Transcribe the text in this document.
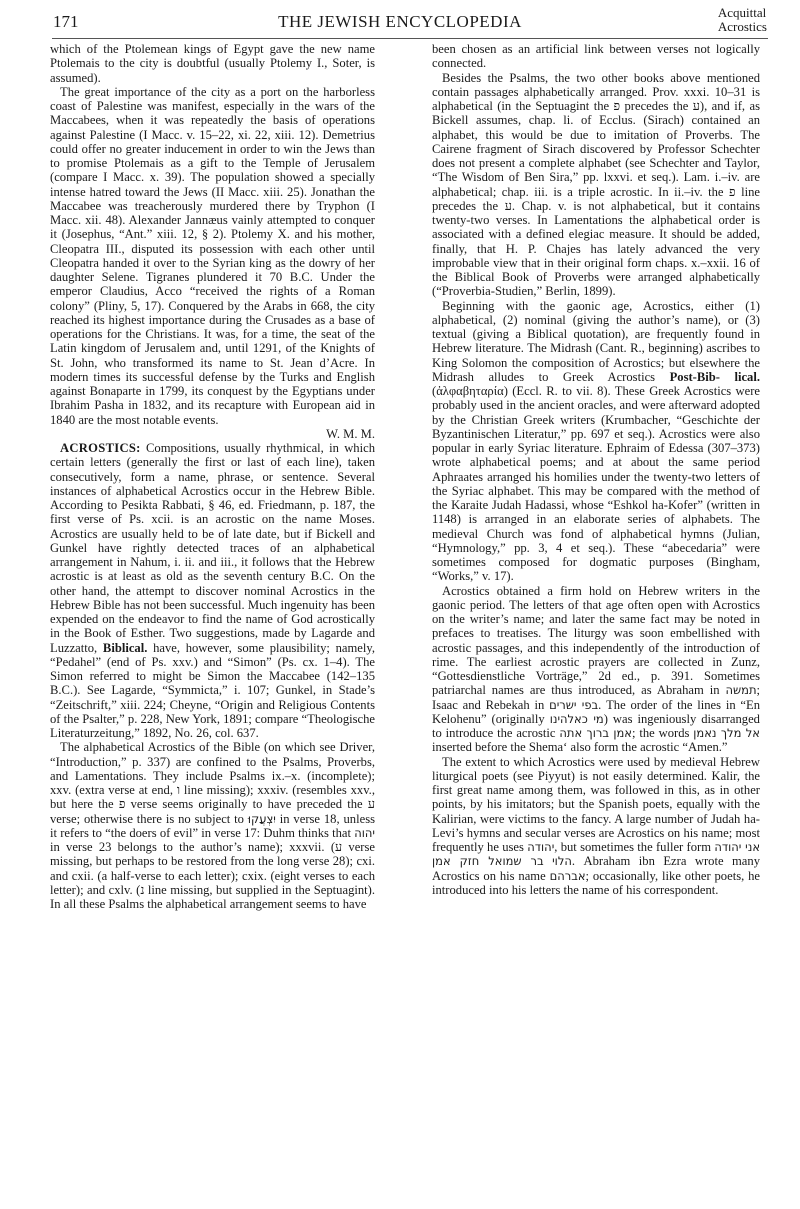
171	THE JEWISH ENCYCLOPEDIA	Acquittal
Acrostics

which of the Ptolemean kings of Egypt gave the new name Ptolemais to the city is doubtful (usually Ptolemy I., Soter, is assumed).

The great importance of the city as a port on the harborless coast of Palestine was manifest, especially in the wars of the Maccabees, when it was repeatedly the basis of operations against Palestine (I Macc. v. 15–22, xi. 22, xiii. 12). Demetrius could offer no greater inducement in order to win the Jews than to promise Ptolemais as a gift to the Temple of Jerusalem (compare I Macc. x. 39). The population showed a specially intense hatred toward the Jews (II Macc. xiii. 25). Jonathan the Maccabee was treacherously murdered there by Tryphon (I Macc. xii. 48). Alexander Jannæus vainly attempted to conquer it (Josephus, “Ant.” xiii. 12, § 2). Ptolemy X. and his mother, Cleopatra III., disputed its possession with each other until Cleopatra handed it over to the Syrian king as the dowry of her daughter Selene. Tigranes plundered it 70 B.C. Under the emperor Claudius, Acco “received the rights of a Roman colony” (Pliny, 5, 17). Conquered by the Arabs in 668, the city reached its highest importance during the Crusades as a base of operations for the Christians. It was, for a time, the seat of the Latin kingdom of Jerusalem and, until 1291, of the Knights of St. John, who transformed its name to St. Jean d’Acre. In modern times its successful defense by the Turks and English against Bonaparte in 1799, its conquest by the Egyptians under Ibrahim Pasha in 1832, and its recapture with European aid in 1840 are the most notable events.

W. M. M.

ACROSTICS: Compositions, usually rhythmical, in which certain letters (generally the first or last of each line), taken consecutively, form a name, phrase, or sentence. Several instances of alphabetical Acrostics occur in the Hebrew Bible. According to Pesikta Rabbati, § 46, ed. Friedmann, p. 187, the first verse of Ps. xcii. is an acrostic on the name Moses. Acrostics are usually held to be of late date, but if Bickell and Gunkel have rightly detected traces of an alphabetical arrangement in Nahum, i. ii. and iii., it follows that the Hebrew acrostic is at least as old as the seventh century B.C. On the other hand, the attempt to discover nominal Acrostics in the Hebrew Bible has not been successful. Much ingenuity has been expended on the endeavor to find the name of God acrostically in the Book of Esther. Two suggestions, made by Lagarde and Luzzatto, Biblical. have, however, some plausibility; namely, “Pedahel” (end of Ps. xxv.) and “Simon” (Ps. cx. 1–4). The Simon referred to might be Simon the Maccabee (142–135 B.C.). See Lagarde, “Symmicta,” i. 107; Gunkel, in Stade’s “Zeitschrift,” xiii. 224; Cheyne, “Origin and Religious Contents of the Psalter,” p. 228, New York, 1891; compare “Theologische Literaturzeitung,” 1892, No. 26, col. 637.

The alphabetical Acrostics of the Bible (on which see Driver, “Introduction,” p. 337) are confined to the Psalms, Proverbs, and Lamentations. They include Psalms ix.–x. (incomplete); xxv. (extra verse at end, ו line missing); xxxiv. (resembles xxv., but here the פ verse seems originally to have preceded the ע verse; otherwise there is no subject to יִצְעֲקוּ in verse 18, unless it refers to “the doers of evil” in verse 17: Duhm thinks that יהוה in verse 23 belongs to the author’s name); xxxvii. (ע verse missing, but perhaps to be restored from the long verse 28); cxi. and cxii. (a half-verse to each letter); cxix. (eight verses to each letter); and cxlv. (נ line missing, but supplied in the Septuagint). In all these Psalms the alphabetical arrangement seems to have

been chosen as an artificial link between verses not logically connected.

Besides the Psalms, the two other books above mentioned contain passages alphabetically arranged. Prov. xxxi. 10–31 is alphabetical (in the Septuagint the פ precedes the ע), and if, as Bickell assumes, chap. li. of Ecclus. (Sirach) contained an alphabet, this would be due to imitation of Proverbs. The Cairene fragment of Sirach discovered by Professor Schechter does not present a complete alphabet (see Schechter and Taylor, “The Wisdom of Ben Sira,” pp. lxxvi. et seq.). Lam. i.–iv. are alphabetical; chap. iii. is a triple acrostic. In ii.–iv. the פ line precedes the ע. Chap. v. is not alphabetical, but it contains twenty-two verses. In Lamentations the alphabetical order is associated with a defined elegiac measure. It should be added, finally, that H. P. Chajes has lately advanced the very improbable view that in their original form chaps. x.–xxii. 16 of the Biblical Book of Proverbs were arranged alphabetically (“Proverbia-Studien,” Berlin, 1899).

Beginning with the gaonic age, Acrostics, either (1) alphabetical, (2) nominal (giving the author’s name), or (3) textual (giving a Biblical quotation), are frequently found in Hebrew literature. The Midrash (Cant. R., beginning) ascribes to King Solomon the composition of Acrostics; but elsewhere the Midrash alludes to Greek Acrostics Post-Bib- lical. (ἀλφαβηταρία) (Eccl. R. to vii. 8). These Greek Acrostics were probably used in the ancient oracles, and were afterward adopted by the Christian Greek writers (Krumbacher, “Geschichte der Byzantinischen Literatur,” pp. 697 et seq.). Acrostics were also popular in early Syriac literature. Ephraim of Edessa (307–373) wrote alphabetical poems; and at about the same period Aphraates arranged his homilies under the twenty-two letters of the Syriac alphabet. This may be compared with the method of the Karaite Judah Hadassi, whose “Eshkol ha-Kofer” (written in 1148) is arranged in an elaborate series of alphabets. The medieval Church was fond of alphabetical hymns (Julian, “Hymnology,” pp. 3, 4 et seq.). These “abecedaria” were sometimes composed for dogmatic purposes (Bingham, “Works,” v. 17).

Acrostics obtained a firm hold on Hebrew writers in the gaonic period. The letters of that age often open with Acrostics on the writer’s name; and later the same fact may be noted in prefaces to treatises. The liturgy was soon embellished with acrostic passages, and this independently of the introduction of rime. The earliest acrostic prayers are collected in Zunz, “Gottesdienstliche Vorträge,” 2d ed., p. 391. Sometimes patriarchal names are thus introduced, as Abraham in תמשה; Isaac and Rebekah in בפי ישרים. The order of the lines in “En Kelohenu” (originally מי כאלהינו) was ingeniously disarranged to introduce the acrostic אמן ברוך אתה; the words אל מלך נאמן inserted before the Shema‘ also form the acrostic “Amen.”

The extent to which Acrostics were used by medieval Hebrew liturgical poets (see Piyyut) is not easily determined. Kalir, the first great name among them, was followed in this, as in other points, by his imitators; but the Spanish poets, equally with the Kalirian, were victims to the fancy. A large number of Judah ha-Levi’s hymns and secular verses are Acrostics on his name; most frequently he uses יהודה, but sometimes the fuller form אני יהודה הלוי בר שמואל חזק אמן . Abraham ibn Ezra wrote many Acrostics on his name אברהם; occasionally, like other poets, he introduced into his letters the name of his correspondent.
